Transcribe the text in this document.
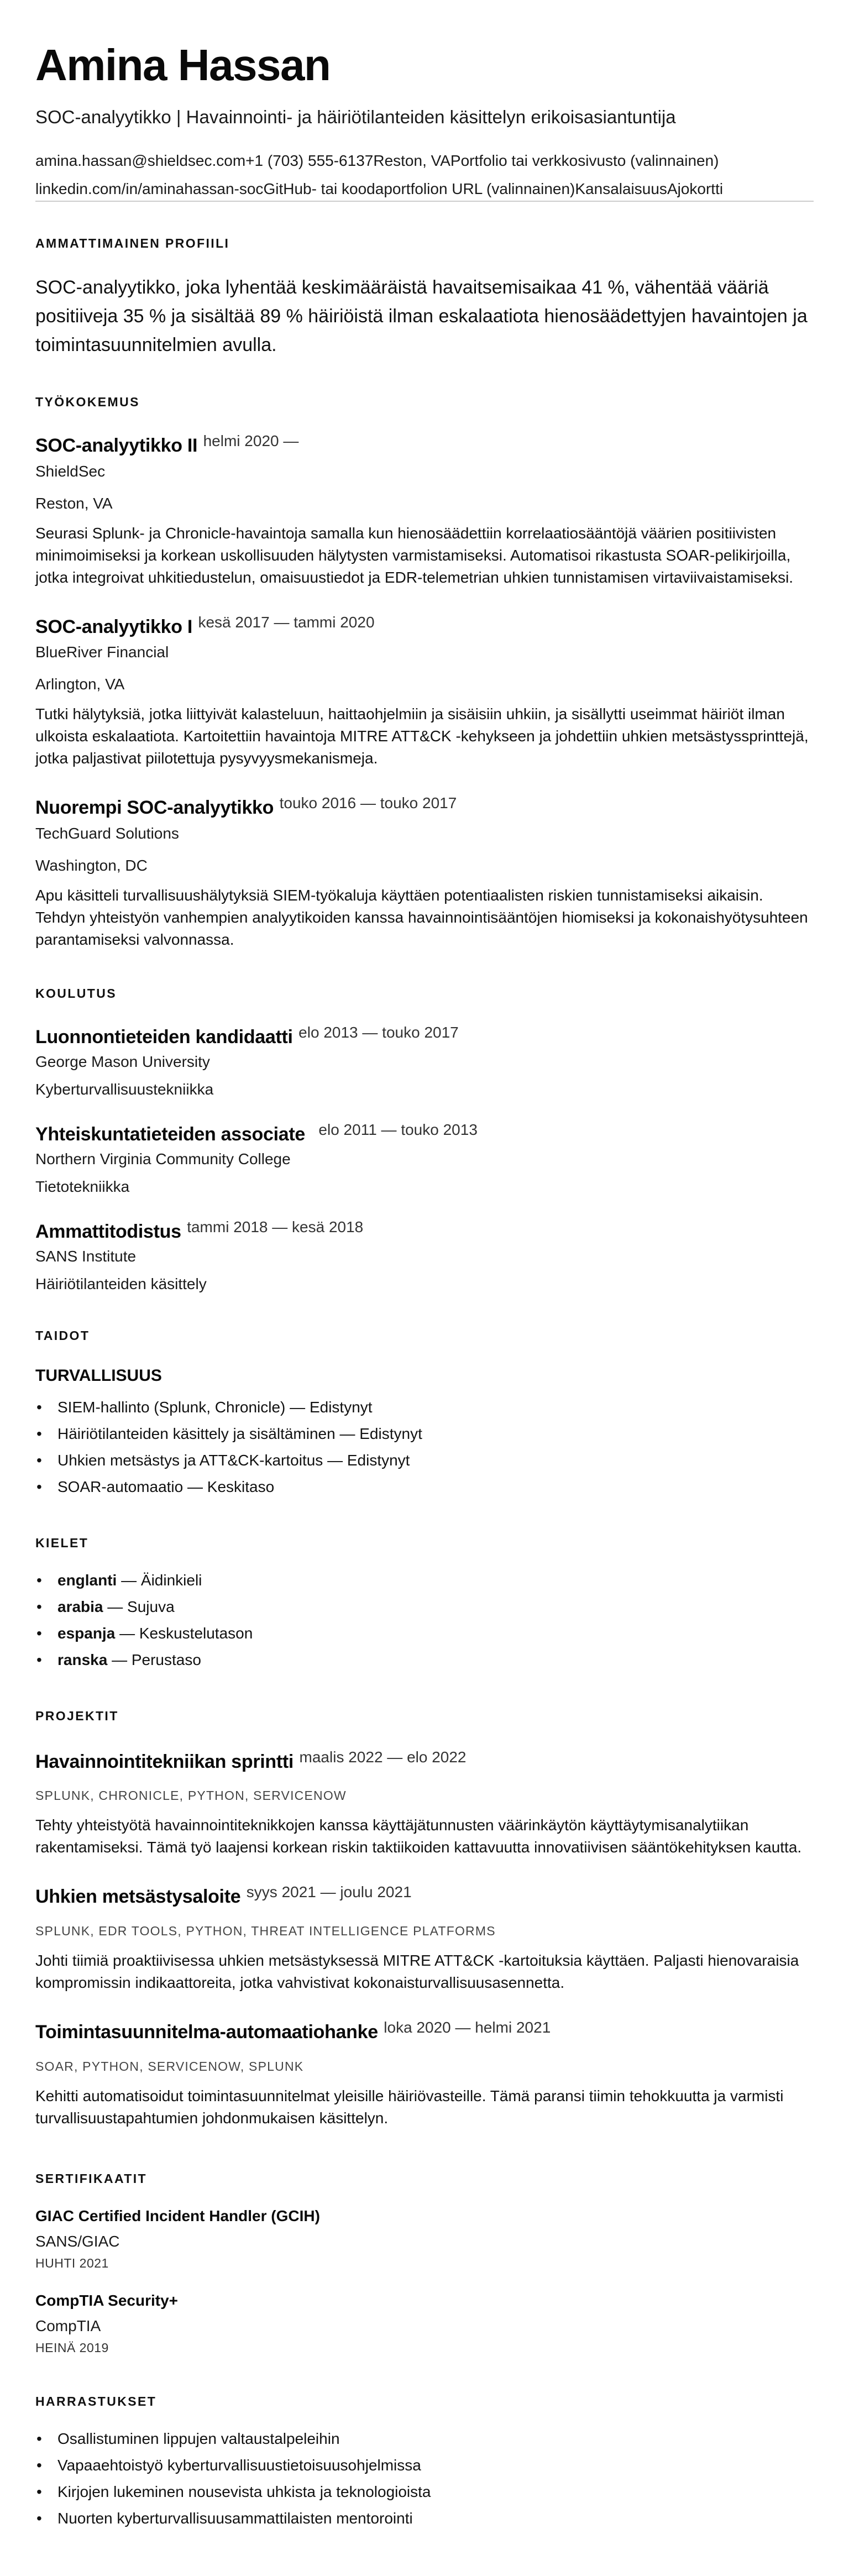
Amina Hassan
SOC-analyytikko | Havainnointi- ja häiriötilanteiden käsittelyn erikoisasiantuntija
amina.hassan@shieldsec.com+1 (703) 555-6137Reston, VAPortfolio tai verkkosivusto (valinnainen)
linkedin.com/in/aminahassan-socGitHub- tai koodaportfolion URL (valinnainen)KansalaisuusAjokortti
AMMATTIMAINEN PROFIILI

SOC-analyytikko, joka lyhentää keskimääräistä havaitsemisaikaa 41 %, vähentää vääriä positiiveja 35 % ja sisältää 89 % häiriöistä ilman eskalaatiota hienosäädettyjen havaintojen ja toimintasuunnitelmien avulla.

TYÖKOKEMUS
SOC-analyytikko II helmi 2020 —
ShieldSec
Reston, VA
Seurasi Splunk- ja Chronicle-havaintoja samalla kun hienosäädettiin korrelaatiosääntöjä väärien positiivisten minimoimiseksi ja korkean uskollisuuden hälytysten varmistamiseksi. Automatisoi rikastusta SOAR-pelikirjoilla, jotka integroivat uhkitiedustelun, omaisuustiedot ja EDR-telemetrian uhkien tunnistamisen virtaviivaistamiseksi.
SOC-analyytikko I kesä 2017 — tammi 2020
BlueRiver Financial
Arlington, VA
Tutki hälytyksiä, jotka liittyivät kalasteluun, haittaohjelmiin ja sisäisiin uhkiin, ja sisällytti useimmat häiriöt ilman ulkoista eskalaatiota. Kartoitettiin havaintoja MITRE ATT&CK -kehykseen ja johdettiin uhkien metsästyssprinttejä, jotka paljastivat piilotettuja pysyvyysmekanismeja.
Nuorempi SOC-analyytikko touko 2016 — touko 2017
TechGuard Solutions
Washington, DC
Apu käsitteli turvallisuushälytyksiä SIEM-työkaluja käyttäen potentiaalisten riskien tunnistamiseksi aikaisin. Tehdyn yhteistyön vanhempien analyytikoiden kanssa havainnointisääntöjen hiomiseksi ja kokonaishyötysuhteen parantamiseksi valvonnassa.
KOULUTUS
Luonnontieteiden kandidaatti elo 2013 — touko 2017
George Mason University
Kyberturvallisuustekniikka
Yhteiskuntatieteiden associate elo 2011 — touko 2013
Northern Virginia Community College
Tietotekniikka
Ammattitodistus tammi 2018 — kesä 2018
SANS Institute
Häiriötilanteiden käsittely
TAIDOT
TURVALLISUUS
• SIEM-hallinto (Splunk, Chronicle) — Edistynyt
• Häiriötilanteiden käsittely ja sisältäminen — Edistynyt
• Uhkien metsästys ja ATT&CK-kartoitus — Edistynyt
• SOAR-automaatio — Keskitaso
KIELET
• englanti — Äidinkieli
• arabia — Sujuva
• espanja — Keskustelutason
• ranska — Perustaso
PROJEKTIT
Havainnointitekniikan sprintti maalis 2022 — elo 2022
SPLUNK, CHRONICLE, PYTHON, SERVICENOW
Tehty yhteistyötä havainnointiteknikkojen kanssa käyttäjätunnusten väärinkäytön käyttäytymisanalytiikan rakentamiseksi. Tämä työ laajensi korkean riskin taktiikoiden kattavuutta innovatiivisen sääntökehityksen kautta.
Uhkien metsästysaloite syys 2021 — joulu 2021
SPLUNK, EDR TOOLS, PYTHON, THREAT INTELLIGENCE PLATFORMS
Johti tiimiä proaktiivisessa uhkien metsästyksessä MITRE ATT&CK -kartoituksia käyttäen. Paljasti hienovaraisia kompromissin indikaattoreita, jotka vahvistivat kokonaisturvallisuusasennetta.
Toimintasuunnitelma-automaatiohanke loka 2020 — helmi 2021
SOAR, PYTHON, SERVICENOW, SPLUNK
Kehitti automatisoidut toimintasuunnitelmat yleisille häiriövasteille. Tämä paransi tiimin tehokkuutta ja varmisti turvallisuustapahtumien johdonmukaisen käsittelyn.
SERTIFIKAATIT
GIAC Certified Incident Handler (GCIH)
SANS/GIAC
HUHTI 2021
CompTIA Security+
CompTIA
HEINÄ 2019
HARRASTUKSET
• Osallistuminen lippujen valtaustalpeleihin
• Vapaaehtoistyö kyberturvallisuustietoisuusohjelmissa
• Kirjojen lukeminen nousevista uhkista ja teknologioista
• Nuorten kyberturvallisuusammattilaisten mentorointi
